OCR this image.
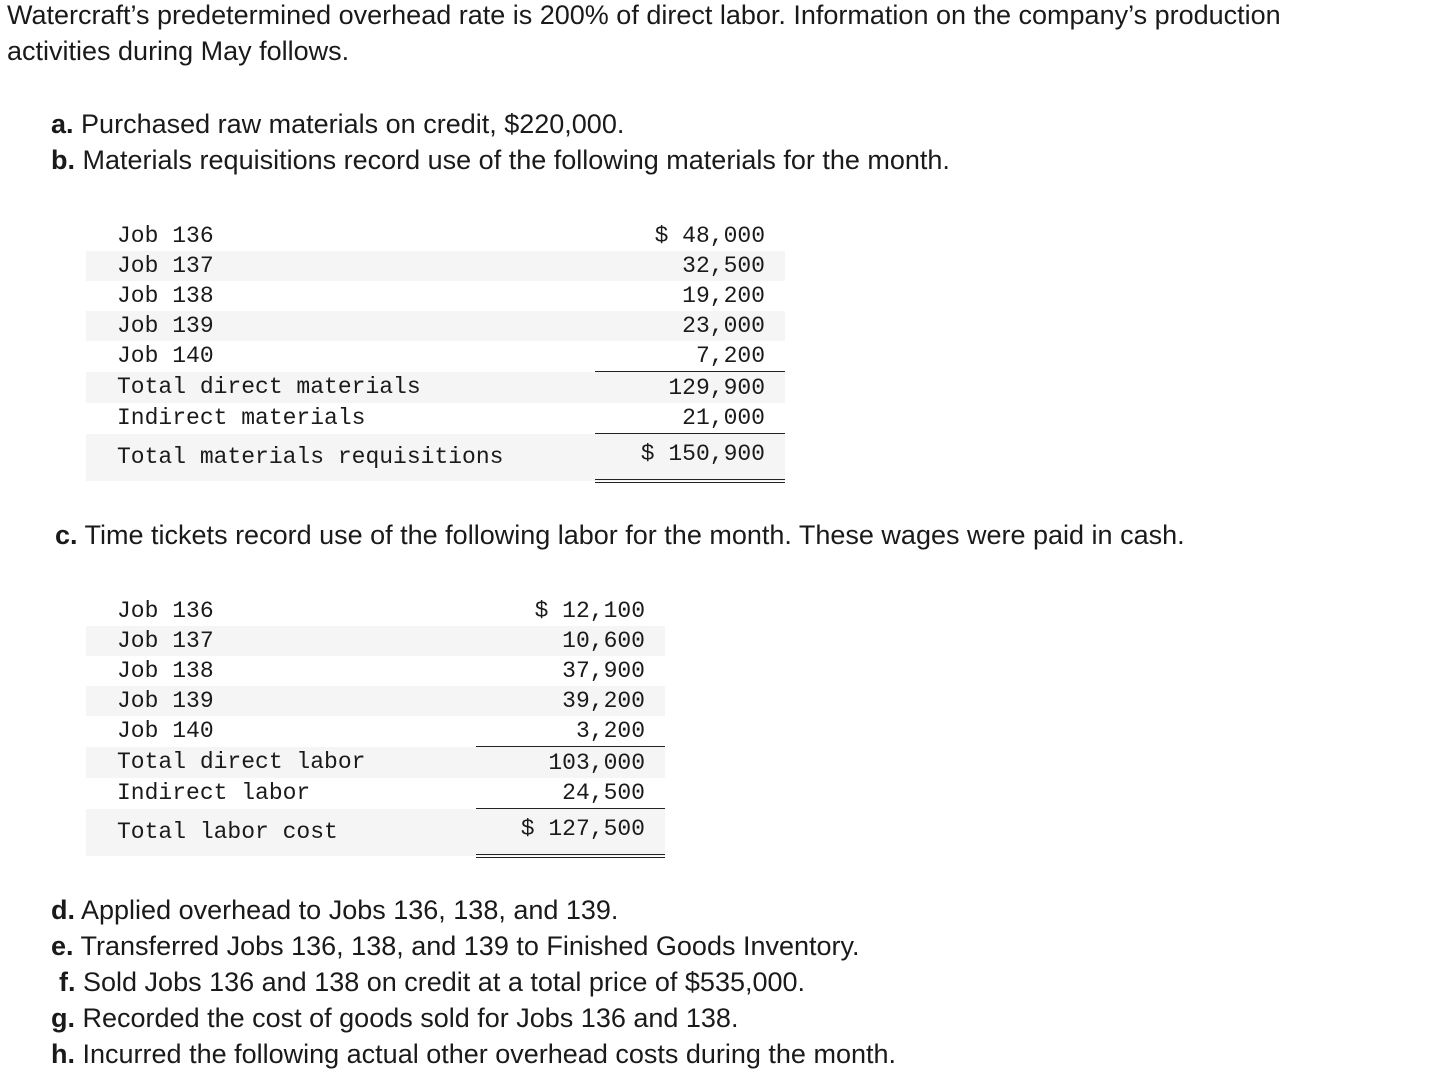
Watercraft’s predetermined overhead rate is 200% of direct labor. Information on the company’s production
activities during May follows.

a. Purchased raw materials on credit, $220,000.

b. Materials requisitions record use of the following materials for the month.

Job 136	$ 48,000
Job 137	32,500
Job 138	19,200
Job 139	23,000
Job 140	7,200
Total direct materials	129,900
Indirect materials	21,000
Total materials requisitions	$ 150,900

c. Time tickets record use of the following labor for the month. These wages were paid in cash.

Job 136	$ 12,100
Job 137	10,600
Job 138	37,900
Job 139	39,200
Job 140	3,200
Total direct labor	103,000
Indirect labor	24,500
Total labor cost	$ 127,500

d. Applied overhead to Jobs 136, 138, and 139.

e. Transferred Jobs 136, 138, and 139 to Finished Goods Inventory.

f. Sold Jobs 136 and 138 on credit at a total price of $535,000.

g. Recorded the cost of goods sold for Jobs 136 and 138.

h. Incurred the following actual other overhead costs during the month.
